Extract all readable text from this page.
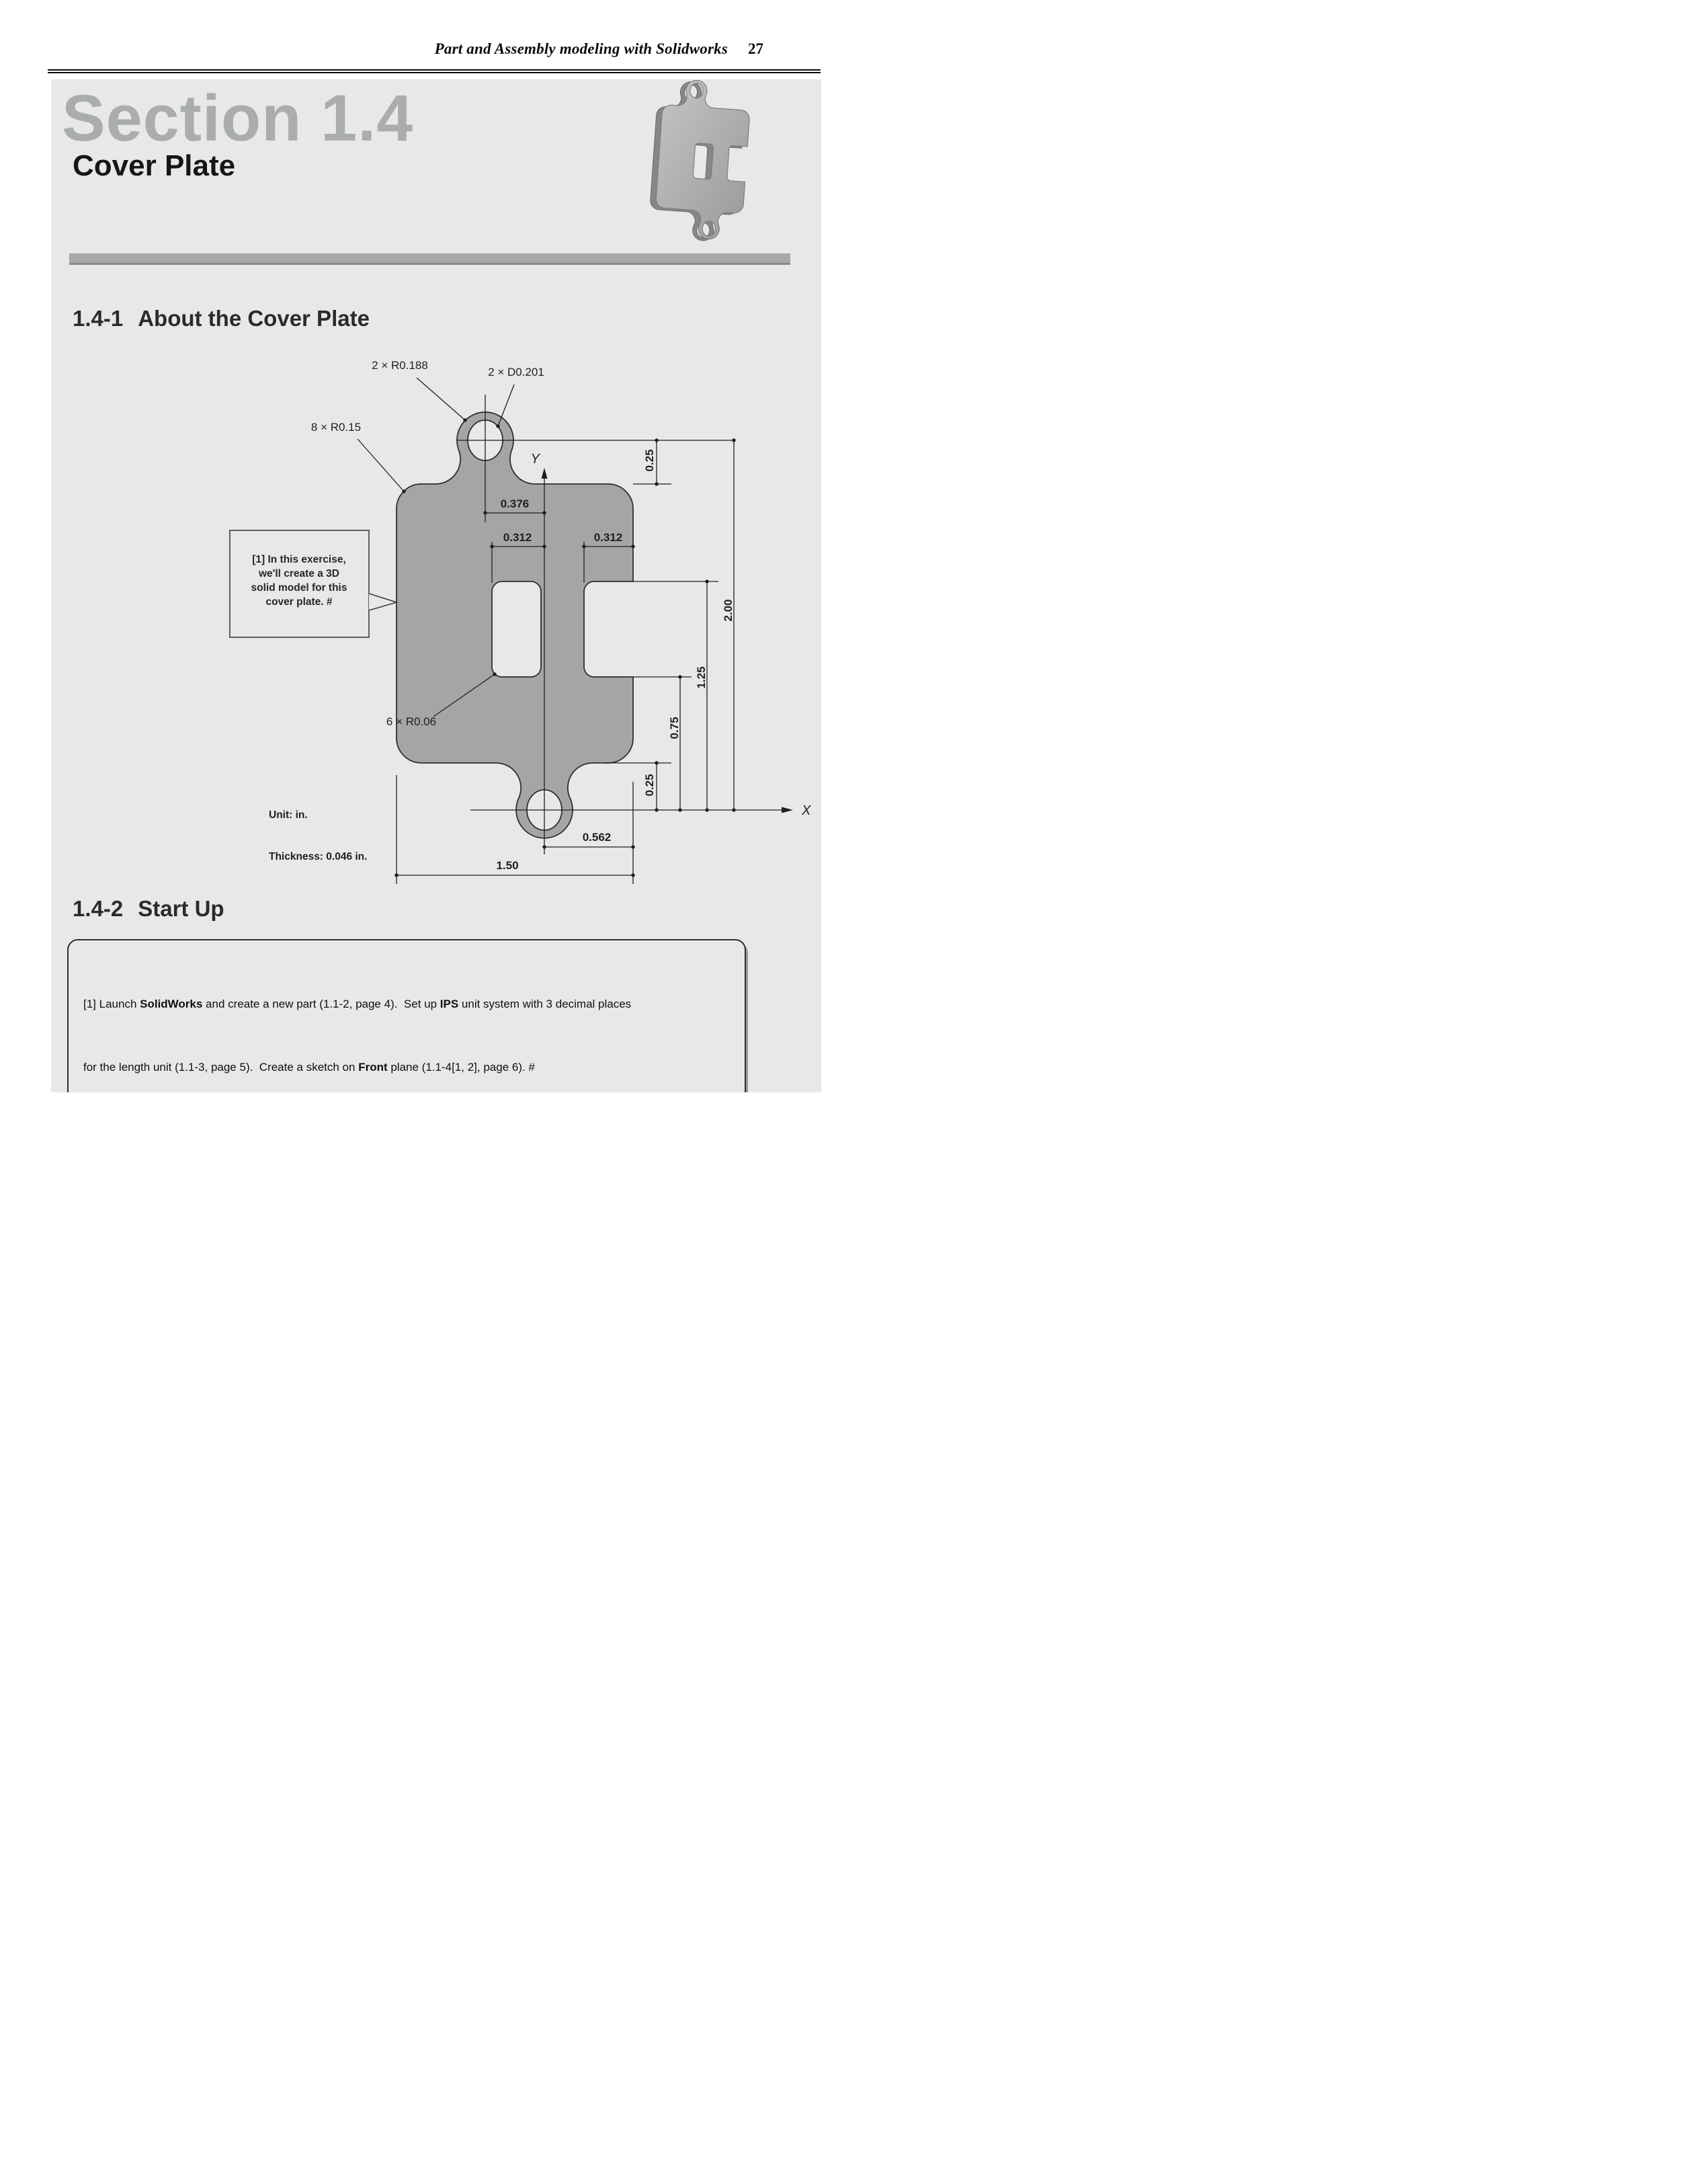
Part and Assembly modeling with Solidworks 27
Section 1.4
Cover Plate
1.4-1 About the Cover Plate
2 × R0.188
2 × D0.201
8 × R0.15
6 × R0.06
0.376
0.312	0.312
0.25
2.00
1.25
0.75
0.25
0.562
1.50
X
Y
Unit: in.
Thickness: 0.046 in.
[1] In this exercise,
we'll create a 3D
solid model for this
cover plate. #
1.4-2 Start Up

[1] Launch SolidWorks and create a new part (1.1-2, page 4).  Set up IPS unit system with 3 decimal places

for the length unit (1.1-3, page 5).  Create a sketch on Front plane (1.1-4[1, 2], page 6). #
